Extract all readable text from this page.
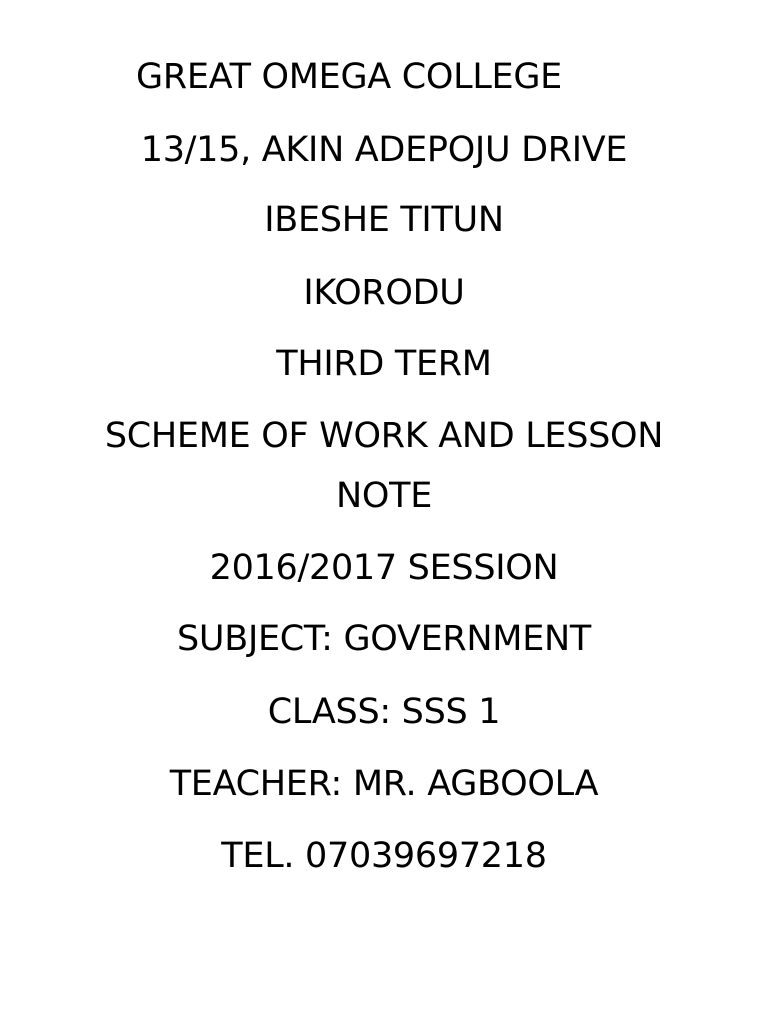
GREAT OMEGA COLLEGE
13/15, AKIN ADEPOJU DRIVE
IBESHE TITUN
IKORODU
THIRD TERM
SCHEME OF WORK AND LESSON
NOTE
2016/2017 SESSION
SUBJECT: GOVERNMENT
CLASS: SSS 1
TEACHER: MR. AGBOOLA
TEL. 07039697218
